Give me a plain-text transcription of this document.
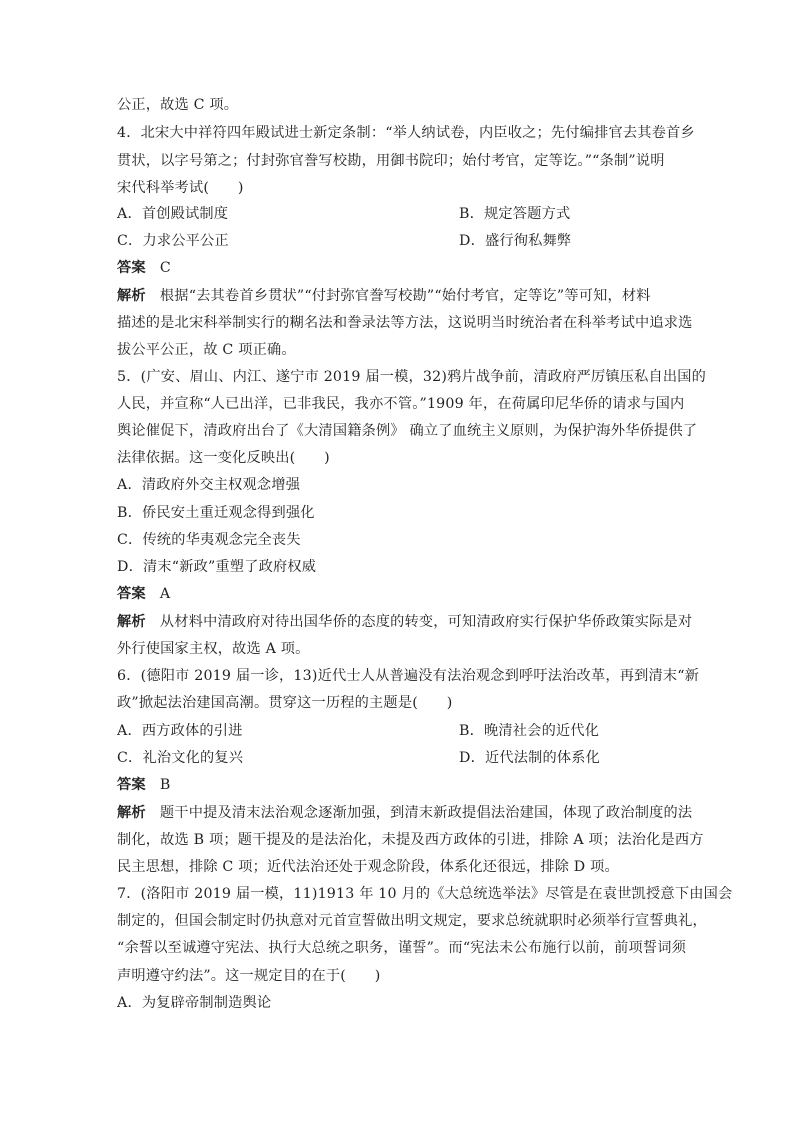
公正，故选 C 项。
4．北宋大中祥符四年殿试进士新定条制：“举人纳试卷，内臣收之；先付编排官去其卷首乡
贯状，以字号第之；付封弥官誊写校勘，用御书院印；始付考官，定等讫。”“条制”说明
宋代科举考试(　　)
A．首创殿试制度	B．规定答题方式
C．力求公平公正	D．盛行徇私舞弊
答案 C
解析 根据“去其卷首乡贯状”“付封弥官誊写校勘”“始付考官，定等讫”等可知，材料
描述的是北宋科举制实行的糊名法和誊录法等方法，这说明当时统治者在科举考试中追求选
拔公平公正，故 C 项正确。
5．(广安、眉山、内江、遂宁市 2019 届一模，32)鸦片战争前，清政府严厉镇压私自出国的
人民，并宣称“人已出洋，已非我民，我亦不管。”1909 年，在荷属印尼华侨的请求与国内
舆论催促下，清政府出台了《大清国籍条例》 确立了血统主义原则，为保护海外华侨提供了
法律依据。这一变化反映出(　　)
A．清政府外交主权观念增强
B．侨民安土重迁观念得到强化
C．传统的华夷观念完全丧失
D．清末“新政”重塑了政府权威
答案 A
解析 从材料中清政府对待出国华侨的态度的转变，可知清政府实行保护华侨政策实际是对
外行使国家主权，故选 A 项。
6．(德阳市 2019 届一诊，13)近代士人从普遍没有法治观念到呼吁法治改革，再到清末“新
政”掀起法治建国高潮。贯穿这一历程的主题是(　　)
A．西方政体的引进	B．晚清社会的近代化
C．礼治文化的复兴	D．近代法制的体系化
答案 B
解析 题干中提及清末法治观念逐渐加强，到清末新政提倡法治建国，体现了政治制度的法
制化，故选 B 项；题干提及的是法治化，未提及西方政体的引进，排除 A 项；法治化是西方
民主思想，排除 C 项；近代法治还处于观念阶段，体系化还很远，排除 D 项。
7．(洛阳市 2019 届一模，11)1913 年 10 月的《大总统选举法》尽管是在袁世凯授意下由国会
制定的，但国会制定时仍执意对元首宣誓做出明文规定，要求总统就职时必须举行宣誓典礼，
“余誓以至诚遵守宪法、执行大总统之职务，谨誓”。而“宪法未公布施行以前，前项誓词须
声明遵守约法”。这一规定目的在于(　　)
A．为复辟帝制制造舆论
